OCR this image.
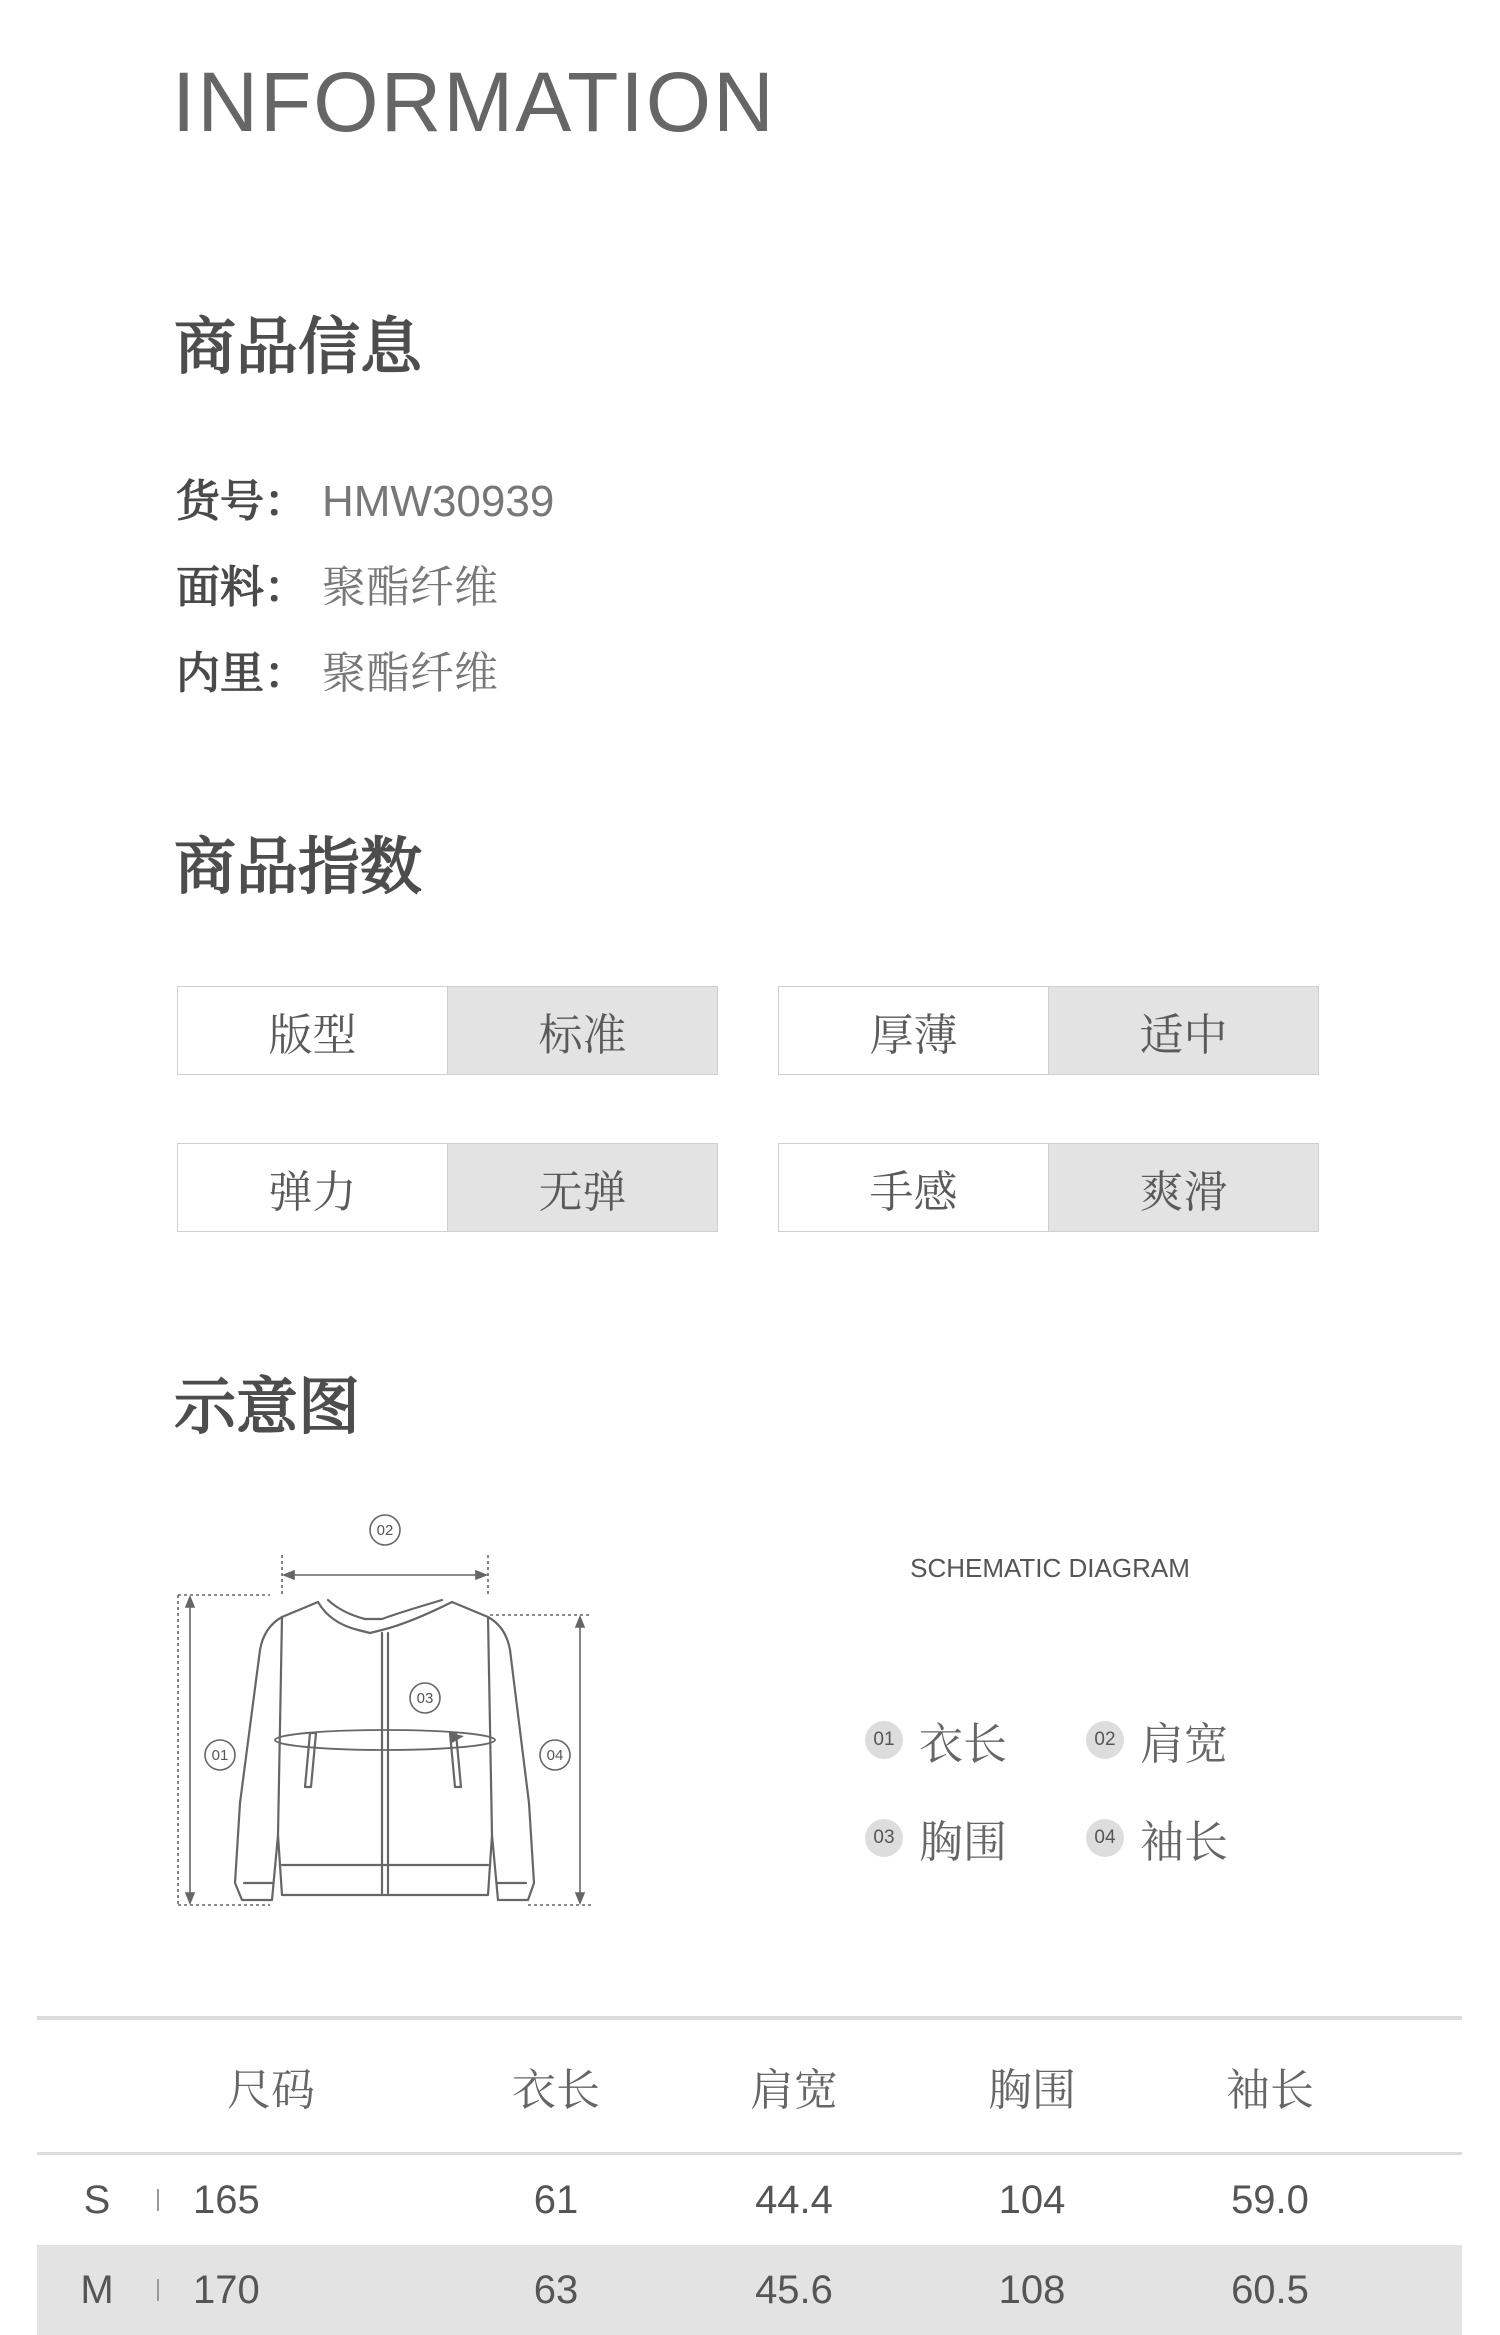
INFORMATION
商品信息
货号： HMW30939
面料： 聚酯纤维
内里： 聚酯纤维
商品指数
版型	标准	厚薄	适中
弹力	无弹	手感	爽滑
示意图
01
02
03
04
SCHEMATIC DIAGRAM
01 衣长	02 肩宽
03 胸围	04 袖长
尺码	衣长	肩宽	胸围	袖长
S	165	61	44.4	104	59.0
M	170	63	45.6	108	60.5
